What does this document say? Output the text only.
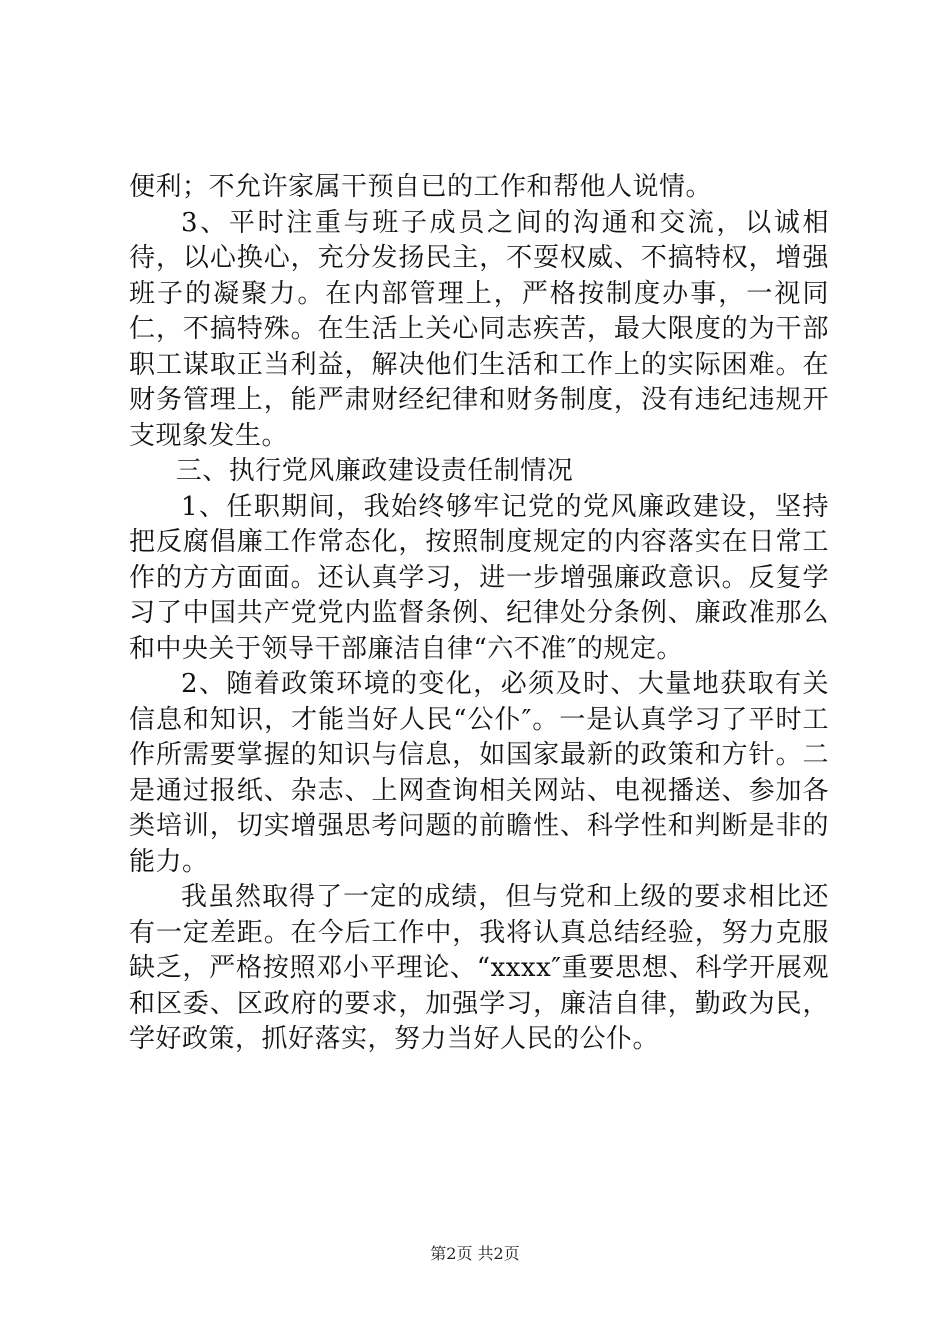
便利；不允许家属干预自已的工作和帮他人说情。

3、平时注重与班子成员之间的沟通和交流，以诚相待，以心换心，充分发扬民主，不耍权威、不搞特权，增强班子的凝聚力。在内部管理上，严格按制度办事，一视同仁，不搞特殊。在生活上关心同志疾苦，最大限度的为干部职工谋取正当利益，解决他们生活和工作上的实际困难。在财务管理上，能严肃财经纪律和财务制度，没有违纪违规开支现象发生。

三、执行党风廉政建设责任制情况

1、任职期间，我始终够牢记党的党风廉政建设，坚持把反腐倡廉工作常态化，按照制度规定的内容落实在日常工作的方方面面。还认真学习，进一步增强廉政意识。反复学习了中国共产党党内监督条例、纪律处分条例、廉政准那么和中央关于领导干部廉洁自律“六不准″的规定。

2、随着政策环境的变化，必须及时、大量地获取有关信息和知识，才能当好人民“公仆″。一是认真学习了平时工作所需要掌握的知识与信息，如国家最新的政策和方针。二是通过报纸、杂志、上网查询相关网站、电视播送、参加各类培训，切实增强思考问题的前瞻性、科学性和判断是非的能力。

我虽然取得了一定的成绩，但与党和上级的要求相比还有一定差距。在今后工作中，我将认真总结经验，努力克服缺乏，严格按照邓小平理论、“xxxx″重要思想、科学开展观和区委、区政府的要求，加强学习，廉洁自律，勤政为民，学好政策，抓好落实，努力当好人民的公仆。

第2页 共2页
